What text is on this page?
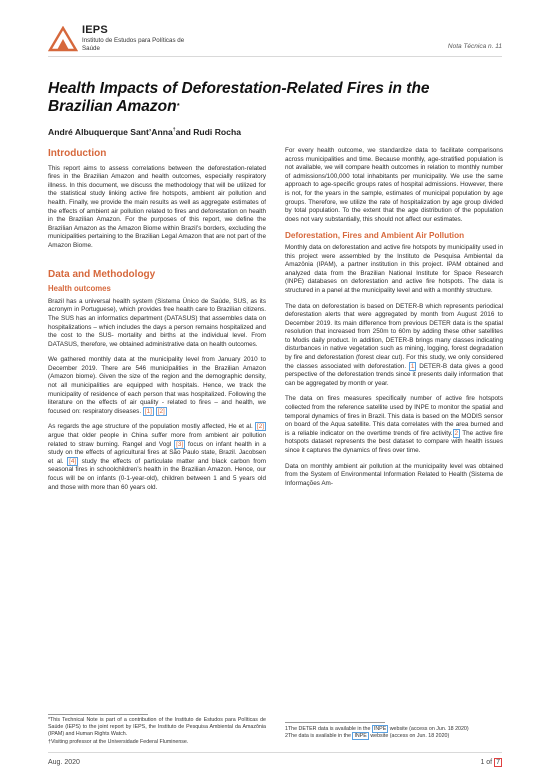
IEPS
Instituto de Estudos para Políticas de Saúde	Nota Técnica n. 11
Health Impacts of Deforestation-Related Fires in the Brazilian Amazon*
André Albuquerque Sant’Anna†and Rudi Rocha
Introduction

This report aims to assess correlations between the deforestation-related fires in the Brazilian Amazon and health outcomes, especially respiratory illness. In this document, we discuss the methodology that will be utilized for the statistical study linking active fire hotspots, ambient air pollution and health. Finally, we provide the main results as well as aggregate estimates of the effects of ambient air pollution related to fires and deforestation on health in the Brazilian Amazon. For the purposes of this report, we define the Brazilian Amazon as the Amazon Biome within Brazil’s borders, excluding the municipalities pertaining to the Brazilian Legal Amazon that are not part of the Amazon Biome.

Data and Methodology
Health outcomes

Brazil has a universal health system (Sistema Único de Saúde, SUS, as its acronym in Portuguese), which provides free health care to Brazilian citizens. The SUS has an informatics department (DATASUS) that assembles data on hospitalizations – which includes the days a person remains hospitalized and the cost to the SUS- mortality and births at the individual level. From DATASUS, therefore, we obtained administrative data on health outcomes.

We gathered monthly data at the municipality level from January 2010 to December 2019. There are 546 municipalities in the Brazilian Amazon (Amazon biome). Given the size of the region and the demographic density, not all municipalities are equipped with hospitals. Hence, we track the municipality of residence of each person that was hospitalized. Following the literature on the effects of air quality - related to fires – and health, we focused on: respiratory diseases. [1] [2]

As regards the age structure of the population mostly affected, He et al. [2] argue that older people in China suffer more from ambient air pollution related to straw burning. Rangel and Vogl [3] focus on infant health in a study on the effects of agricultural fires at São Paulo state, Brazil. Jacobsen et al. [4] study the effects of particulate matter and black carbon from seasonal fires in schoolchildren’s health in the Brazilian Amazon. Hence, our focus will be on infants (0-1-year-old), children between 1 and 5 years old and those with more than 60 years old.

*This Technical Note is part of a contribution of the Instituto de Estudos para Políticas de Saúde (IEPS) to the joint report by IEPS, the Instituto de Pesquisa Ambiental da Amazônia (IPAM) and Human Rights Watch.
†Visiting professor at the Universidade Federal Fluminense.

For every health outcome, we standardize data to facilitate comparisons across municipalities and time. Because monthly, age-stratified population is not available, we will compare health outcomes in relation to monthly number of admissions/100,000 total inhabitants per municipality. We use the same approach to age-specific groups rates of hospital admissions. However, there is not, for the years in the sample, estimates of municipal population by age groups. Therefore, we utilize the rate of hospitalization by age group divided by total population. To the extent that the age distribution of the population does not vary substantially, this should not affect our estimates.

Deforestation, Fires and Ambient Air Pollution

Monthly data on deforestation and active fire hotspots by municipality used in this project were assembled by the Instituto de Pesquisa Ambiental da Amazônia (IPAM), a partner institution in this project. IPAM obtained and analyzed data from the Brazilian National Institute for Space Research (INPE) databases on deforestation and active fire hotspots. The data is structured in a panel at the municipality level and with a monthly structure.

The data on deforestation is based on DETER-B which represents periodical deforestation alerts that were aggregated by month from August 2016 to December 2019. Its main difference from previous DETER data is the spatial resolution that increased from 250m to 60m by adding these other satellites to Modis daily product. In addition, DETER-B brings many classes indicating disturbances in native vegetation such as mining, logging, forest degradation by fire and deforestation (forest clear cut). For this study, we only considered the classes associated with deforestation. 1 DETER-B data gives a good perspective of the deforestation trends since it presents daily information that can be aggregated by month or year.

The data on fires measures specifically number of active fire hotspots collected from the reference satellite used by INPE to monitor the spatial and temporal dynamics of fires in Brazil. This data is based on the MODIS sensor on board of the Aqua satellite. This data correlates with the area burned and is a reliable indicator on the overtime trends of fire activity. 2 The active fire hotspots dataset represents the best dataset to compare with health issues since it captures the dynamics of fires over time.

Data on monthly ambient air pollution at the municipality level was obtained from the System of Environmental Information Related to Health (Sistema de Informações Am-

1The DETER data is available in the INPE website (access on Jun. 18 2020)
2The data is available in the INPE website (access on Jun. 18 2020)
Aug. 2020	1 of 7
